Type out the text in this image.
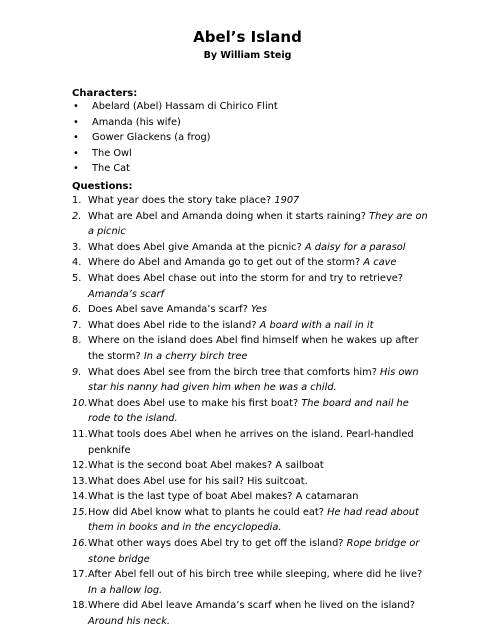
Abel’s Island
By William Steig
Characters:
• Abelard (Abel) Hassam di Chirico Flint
• Amanda (his wife)
• Gower Glackens (a frog)
• The Owl
• The Cat
Questions:
1. What year does the story take place? 1907
2. What are Abel and Amanda doing when it starts raining? They are on a picnic
3. What does Abel give Amanda at the picnic? A daisy for a parasol
4. Where do Abel and Amanda go to get out of the storm? A cave
5. What does Abel chase out into the storm for and try to retrieve? Amanda’s scarf
6. Does Abel save Amanda’s scarf? Yes
7. What does Abel ride to the island? A board with a nail in it
8. Where on the island does Abel find himself when he wakes up after the storm? In a cherry birch tree
9. What does Abel see from the birch tree that comforts him? His own star his nanny had given him when he was a child.
10. What does Abel use to make his first boat? The board and nail he rode to the island.
11. What tools does Abel when he arrives on the island. Pearl-handled penknife
12. What is the second boat Abel makes? A sailboat
13. What does Abel use for his sail? His suitcoat.
14. What is the last type of boat Abel makes? A catamaran
15. How did Abel know what to plants he could eat? He had read about them in books and in the encyclopedia.
16. What other ways does Abel try to get off the island? Rope bridge or stone bridge
17. After Abel fell out of his birch tree while sleeping, where did he live? In a hallow log.
18. Where did Abel leave Amanda’s scarf when he lived on the island? Around his neck.
